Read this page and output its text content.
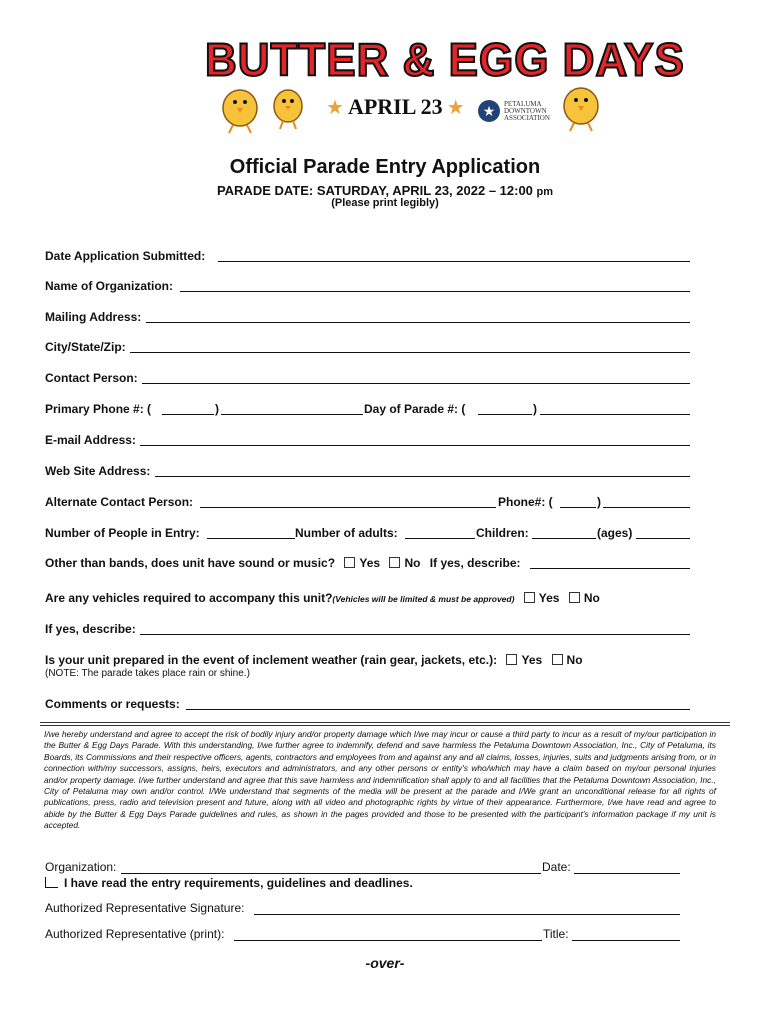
BUTTER & EGG DAYS
★ APRIL 23 ★	★	PETALUMA DOWNTOWN ASSOCIATION
Official Parade Entry Application
PARADE DATE: SATURDAY, APRIL 23, 2022 – 12:00 pm
(Please print legibly)
Date Application Submitted:
Name of Organization:
Mailing Address:
City/State/Zip:
Contact Person:
Primary Phone #: (	)	Day of Parade #: (	)
E-mail Address:
Web Site Address:
Alternate Contact Person:	Phone#: (	)
Number of People in Entry:	Number of adults:	Children:	(ages)
Other than bands, does unit have sound or music? Yes No If yes, describe:
Are any vehicles required to accompany this unit?(Vehicles will be limited & must be approved) Yes No
If yes, describe:
Is your unit prepared in the event of inclement weather (rain gear, jackets, etc.): Yes No
(NOTE: The parade takes place rain or shine.)
Comments or requests:
I/we hereby understand and agree to accept the risk of bodily injury and/or property damage which I/we may incur or cause a third party to incur as a result of my/our participation in the Butter & Egg Days Parade. With this understanding, I/we further agree to indemnify, defend and save harmless the Petaluma Downtown Association, Inc., City of Petaluma, its Boards, its Commissions and their respective officers, agents, contractors and employees from and against any and all claims, losses, injuries, suits and judgments arising from, or in connection with/my successors, assigns, heirs, executors and administrators, and any other persons or entity's who/which may have a claim based on my/our personal injuries and/or property damage. I/we further understand and agree that this save harmless and indemnification shall apply to and all facilities that the Petaluma Downtown Association, Inc., City of Petaluma may own and/or control. I/We understand that segments of the media will be present at the parade and I/We grant an unconditional release for all rights of publications, press, radio and television present and future, along with all video and photographic rights by virtue of their appearance. Furthermore, I/we have read and agree to abide by the Butter & Egg Days Parade guidelines and rules, as shown in the pages provided and those to be presented with the participant's information package if my unit is accepted.
Organization:	Date:
I have read the entry requirements, guidelines and deadlines.
Authorized Representative Signature:
Authorized Representative (print):	Title:
-over-
